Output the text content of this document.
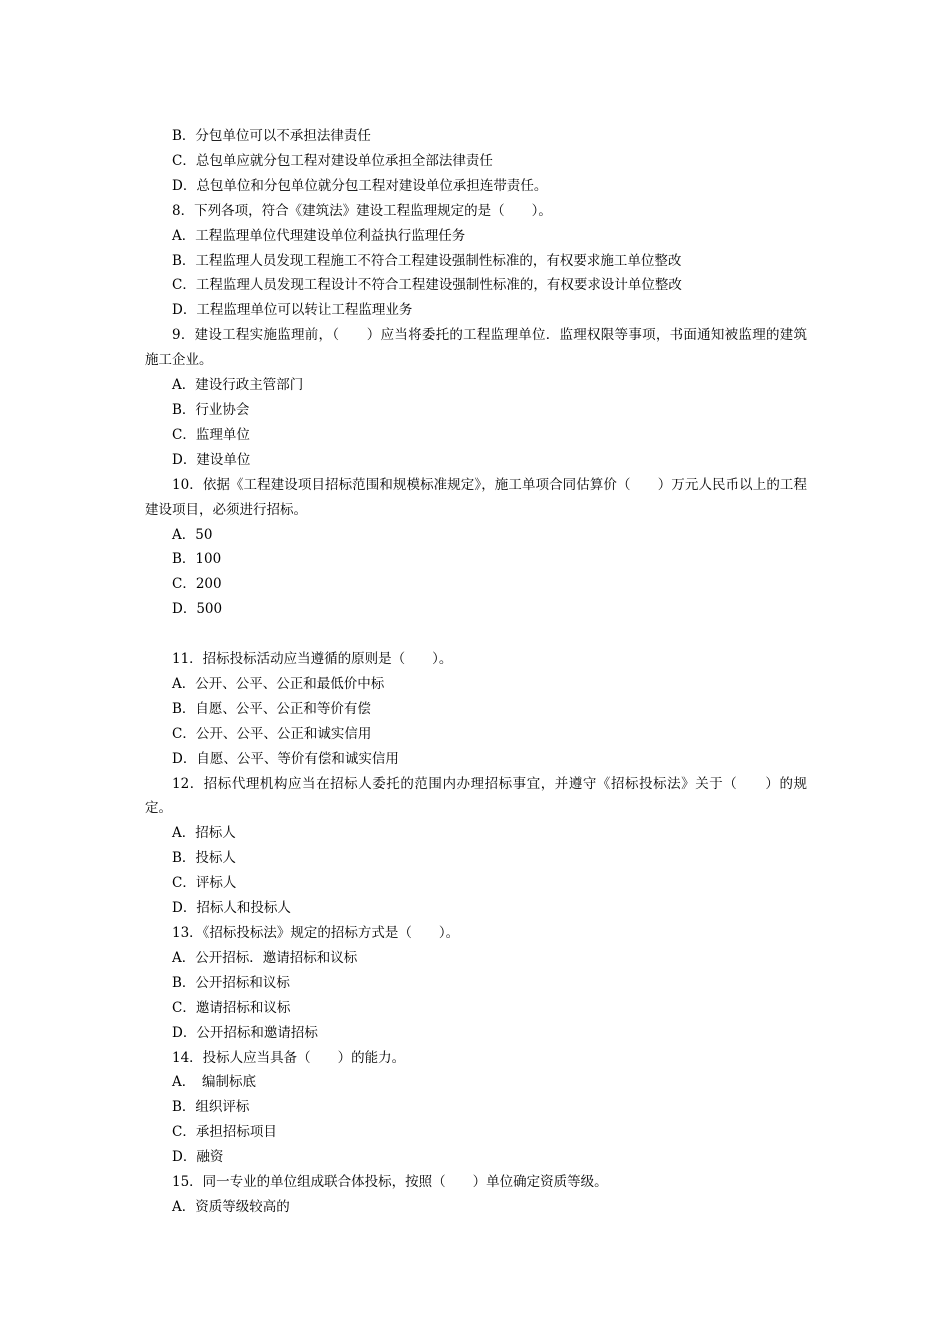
B．分包单位可以不承担法律责任

C．总包单应就分包工程对建设单位承担全部法律责任

D．总包单位和分包单位就分包工程对建设单位承担连带责任。

8．下列各项，符合《建筑法》建设工程监理规定的是（　　）。

A．工程监理单位代理建设单位利益执行监理任务

B．工程监理人员发现工程施工不符合工程建设强制性标准的，有权要求施工单位整改

C．工程监理人员发现工程设计不符合工程建设强制性标准的，有权要求设计单位整改

D．工程监理单位可以转让工程监理业务

9．建设工程实施监理前，（　　）应当将委托的工程监理单位．监理权限等事项，书面通知被监理的建筑施工企业。

A．建设行政主管部门

B．行业协会

C．监理单位

D．建设单位

10．依据《工程建设项目招标范围和规模标准规定》，施工单项合同估算价（　　）万元人民币以上的工程建设项目，必须进行招标。

A．50

B．100

C．200

D．500

11．招标投标活动应当遵循的原则是（　　）。

A．公开、公平、公正和最低价中标

B．自愿、公平、公正和等价有偿

C．公开、公平、公正和诚实信用

D．自愿、公平、等价有偿和诚实信用

12．招标代理机构应当在招标人委托的范围内办理招标事宜，并遵守《招标投标法》关于（　　）的规定。

A．招标人

B．投标人

C．评标人

D．招标人和投标人

13．《招标投标法》规定的招标方式是（　　）。

A．公开招标．邀请招标和议标

B．公开招标和议标

C．邀请招标和议标

D．公开招标和邀请招标

14．投标人应当具备（　　）的能力。

A．　编制标底

B．组织评标

C．承担招标项目

D．融资

15．同一专业的单位组成联合体投标，按照（　　）单位确定资质等级。

A．资质等级较高的
